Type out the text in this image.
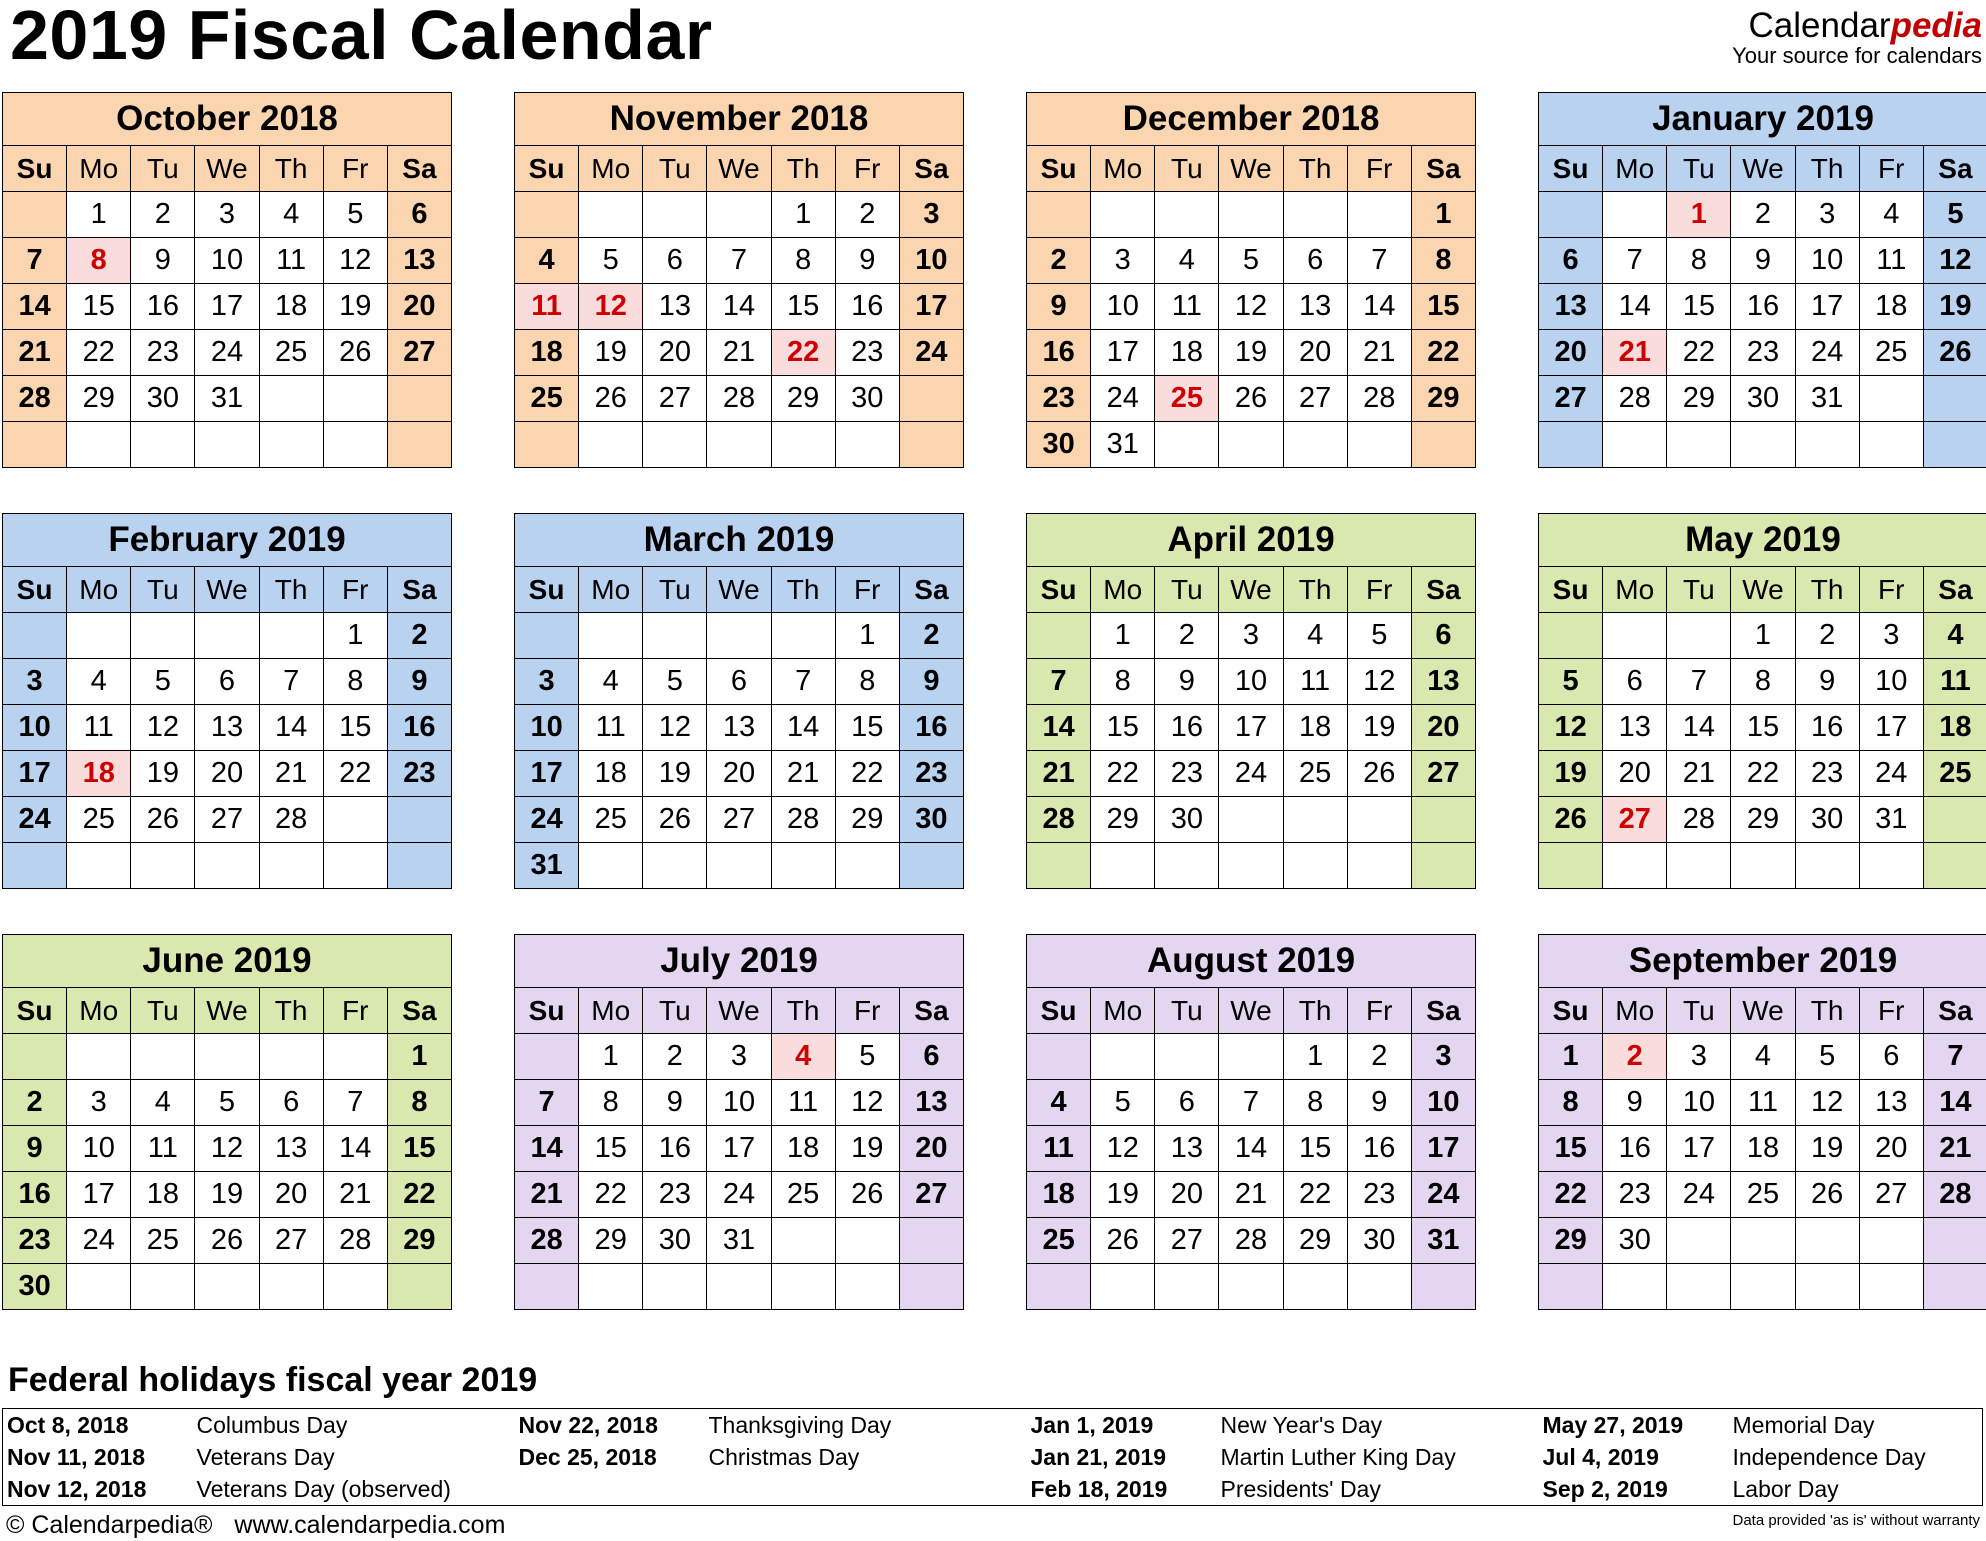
2019 Fiscal Calendar	Calendarpedia
Your source for calendars
October 2018						
Su	Mo	Tu	We	Th	Fr	Sa
	1	2	3	4	5	6
7	8	9	10	11	12	13
14	15	16	17	18	19	20
21	22	23	24	25	26	27
28	29	30	31			

November 2018						
Su	Mo	Tu	We	Th	Fr	Sa
				1	2	3
4	5	6	7	8	9	10
11	12	13	14	15	16	17
18	19	20	21	22	23	24
25	26	27	28	29	30	

December 2018						
Su	Mo	Tu	We	Th	Fr	Sa
						1
2	3	4	5	6	7	8
9	10	11	12	13	14	15
16	17	18	19	20	21	22
23	24	25	26	27	28	29
30	31					
January 2019						
Su	Mo	Tu	We	Th	Fr	Sa
		1	2	3	4	5
6	7	8	9	10	11	12
13	14	15	16	17	18	19
20	21	22	23	24	25	26
27	28	29	30	31		

February 2019						
Su	Mo	Tu	We	Th	Fr	Sa
					1	2
3	4	5	6	7	8	9
10	11	12	13	14	15	16
17	18	19	20	21	22	23
24	25	26	27	28		

March 2019						
Su	Mo	Tu	We	Th	Fr	Sa
					1	2
3	4	5	6	7	8	9
10	11	12	13	14	15	16
17	18	19	20	21	22	23
24	25	26	27	28	29	30
31						
April 2019						
Su	Mo	Tu	We	Th	Fr	Sa
	1	2	3	4	5	6
7	8	9	10	11	12	13
14	15	16	17	18	19	20
21	22	23	24	25	26	27
28	29	30				

May 2019						
Su	Mo	Tu	We	Th	Fr	Sa
			1	2	3	4
5	6	7	8	9	10	11
12	13	14	15	16	17	18
19	20	21	22	23	24	25
26	27	28	29	30	31	

June 2019						
Su	Mo	Tu	We	Th	Fr	Sa
						1
2	3	4	5	6	7	8
9	10	11	12	13	14	15
16	17	18	19	20	21	22
23	24	25	26	27	28	29
30						
July 2019						
Su	Mo	Tu	We	Th	Fr	Sa
	1	2	3	4	5	6
7	8	9	10	11	12	13
14	15	16	17	18	19	20
21	22	23	24	25	26	27
28	29	30	31			

August 2019						
Su	Mo	Tu	We	Th	Fr	Sa
				1	2	3
4	5	6	7	8	9	10
11	12	13	14	15	16	17
18	19	20	21	22	23	24
25	26	27	28	29	30	31

September 2019						
Su	Mo	Tu	We	Th	Fr	Sa
1	2	3	4	5	6	7
8	9	10	11	12	13	14
15	16	17	18	19	20	21
22	23	24	25	26	27	28
29	30					

Federal holidays fiscal year 2019
Oct 8, 2018	Columbus Day	Nov 22, 2018	Thanksgiving Day	Jan 1, 2019	New Year's Day	May 27, 2019	Memorial Day
Nov 11, 2018	Veterans Day	Dec 25, 2018	Christmas Day	Jan 21, 2019	Martin Luther King Day	Jul 4, 2019	Independence Day
Nov 12, 2018	Veterans Day (observed)			Feb 18, 2019	Presidents' Day	Sep 2, 2019	Labor Day
© Calendarpedia® www.calendarpedia.com	Data provided 'as is' without warranty
